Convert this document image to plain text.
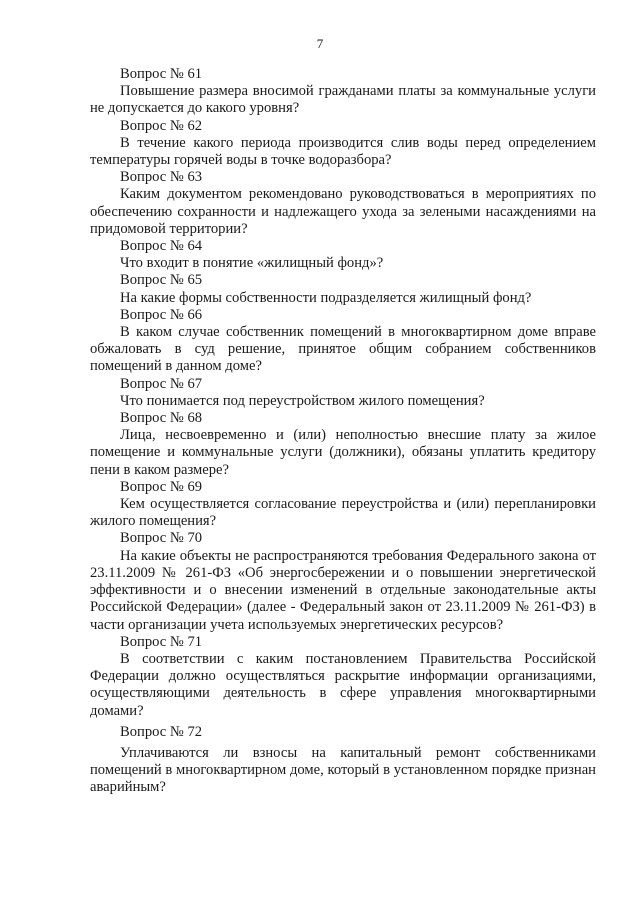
7
Вопрос № 61
Повышение размера вносимой гражданами платы за коммунальные услуги не допускается до какого уровня?
Вопрос № 62
В течение какого периода производится слив воды перед определением температуры горячей воды в точке водоразбора?
Вопрос № 63
Каким документом рекомендовано руководствоваться в мероприятиях по обеспечению сохранности и надлежащего ухода за зелеными насаждениями на придомовой территории?
Вопрос № 64
Что входит в понятие «жилищный фонд»?
Вопрос № 65
На какие формы собственности подразделяется жилищный фонд?
Вопрос № 66
В каком случае собственник помещений в многоквартирном доме вправе обжаловать в суд решение, принятое общим собранием собственников помещений в данном доме?
Вопрос № 67
Что понимается под переустройством жилого помещения?
Вопрос № 68
Лица, несвоевременно и (или) неполностью внесшие плату за жилое помещение и коммунальные услуги (должники), обязаны уплатить кредитору пени в каком размере?
Вопрос № 69
Кем осуществляется согласование переустройства и (или) перепланировки жилого помещения?
Вопрос № 70
На какие объекты не распространяются требования Федерального закона от 23.11.2009 № 261-ФЗ «Об энергосбережении и о повышении энергетической эффективности и о внесении изменений в отдельные законодательные акты Российской Федерации» (далее - Федеральный закон от 23.11.2009 № 261-ФЗ) в части организации учета используемых энергетических ресурсов?
Вопрос № 71
В соответствии с каким постановлением Правительства Российской Федерации должно осуществляться раскрытие информации организациями, осуществляющими деятельность в сфере управления многоквартирными домами?
Вопрос № 72
Уплачиваются ли взносы на капитальный ремонт собственниками помещений в многоквартирном доме, который в установленном порядке признан аварийным?
